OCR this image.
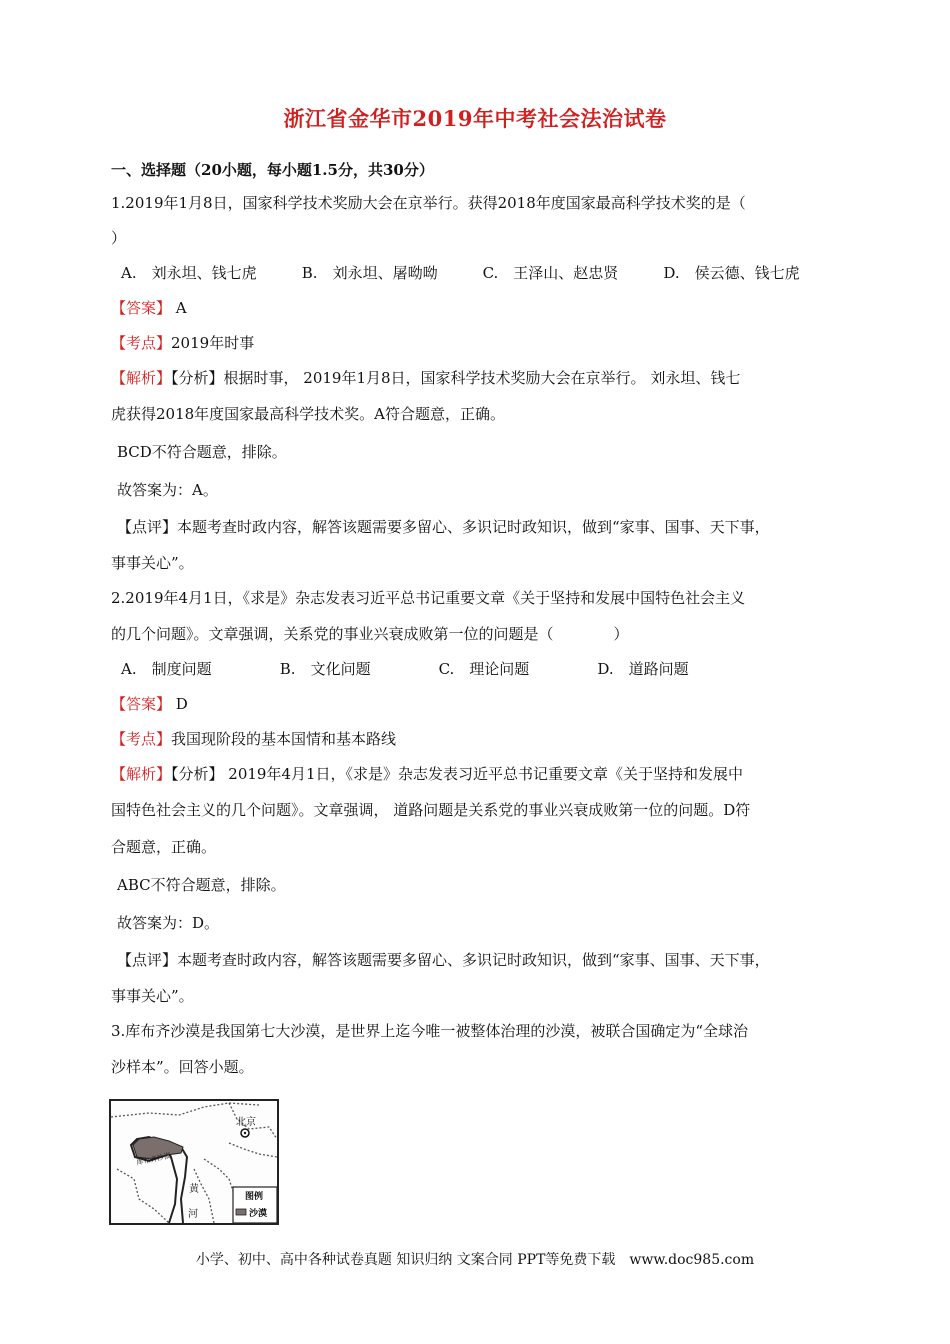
浙江省金华市2019年中考社会法治试卷
一、选择题（20小题，每小题1.5分，共30分）
1.2019年1月8日，国家科学技术奖励大会在京举行。获得2018年度国家最高科学技术奖的是（
）
A.　刘永坦、钱七虎	B.　刘永坦、屠呦呦	C.　王泽山、赵忠贤	D.　侯云德、钱七虎
【答案】 A
【考点】2019年时事
【解析】【分析】根据时事， 2019年1月8日，国家科学技术奖励大会在京举行。 刘永坦、钱七
虎获得2018年度国家最高科学技术奖。A符合题意，正确。
BCD不符合题意，排除。
故答案为：A。
【点评】本题考查时政内容，解答该题需要多留心、多识记时政知识，做到“家事、国事、天下事，
事事关心”。
2.2019年4月1日，《求是》杂志发表习近平总书记重要文章《关于坚持和发展中国特色社会主义
的几个问题》。文章强调，关系党的事业兴衰成败第一位的问题是（　　　　）
A.　制度问题	B.　文化问题	C.　理论问题	D.　道路问题
【答案】 D
【考点】我国现阶段的基本国情和基本路线
【解析】【分析】 2019年4月1日，《求是》杂志发表习近平总书记重要文章《关于坚持和发展中
国特色社会主义的几个问题》。文章强调， 道路问题是关系党的事业兴衰成败第一位的问题。D符
合题意，正确。
ABC不符合题意，排除。
故答案为：D。
【点评】本题考查时政内容，解答该题需要多留心、多识记时政知识，做到“家事、国事、天下事，
事事关心”。
3.库布齐沙漠是我国第七大沙漠，是世界上迄今唯一被整体治理的沙漠，被联合国确定为“全球治
沙样本”。回答小题。
北京
库布齐沙漠
黄
河
图例
沙漠
小学、初中、高中各种试卷真题 知识归纳 文案合同 PPT等免费下载　www.doc985.com
